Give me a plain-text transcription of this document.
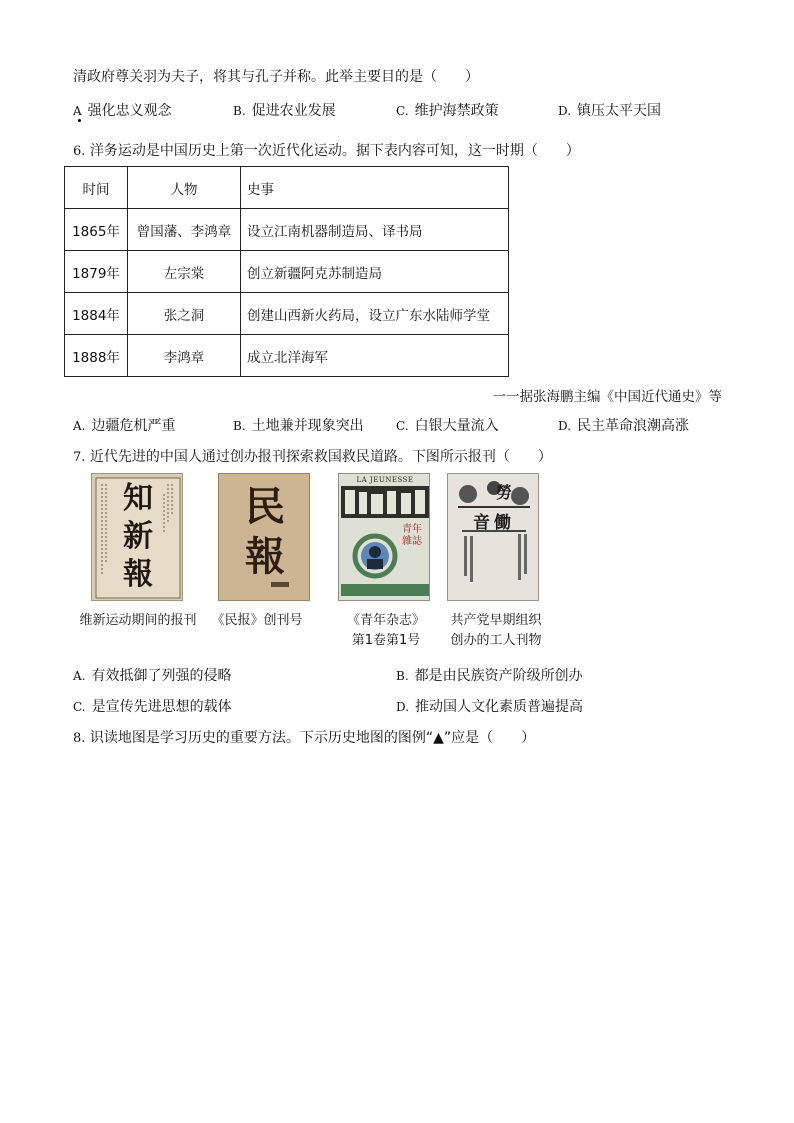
清政府尊关羽为夫子，将其与孔子并称。此举主要目的是（　　）
A 强化忠义观念	B. 促进农业发展	C. 维护海禁政策	D. 镇压太平天国
6. 洋务运动是中国历史上第一次近代化运动。据下表内容可知，这一时期（　　）
时间	人物	史事
1865年	曾国藩、李鸿章	设立江南机器制造局、译书局
1879年	左宗棠	创立新疆阿克苏制造局
1884年	张之洞	创建山西新火药局，设立广东水陆师学堂
1888年	李鸿章	成立北洋海军
一一据张海鹏主编《中国近代通史》等
A. 边疆危机严重	B. 土地兼并现象突出	C. 白银大量流入	D. 民主革命浪潮高涨
7. 近代先进的中国人通过创办报刊探索救国救民道路。下图所示报刊（　　）
知
新
報
民
報
LA JEUNESSE
青年
雜誌
勞
音働
维新运动期间的报刊	《民报》创刊号	《青年杂志》
第1卷第1号
共产党早期组织
创办的工人刊物
A. 有效抵御了列强的侵略	B. 都是由民族资产阶级所创办
C. 是宣传先进思想的载体	D. 推动国人文化素质普遍提高
8. 识读地图是学习历史的重要方法。下示历史地图的图例“▲”应是（　　）
